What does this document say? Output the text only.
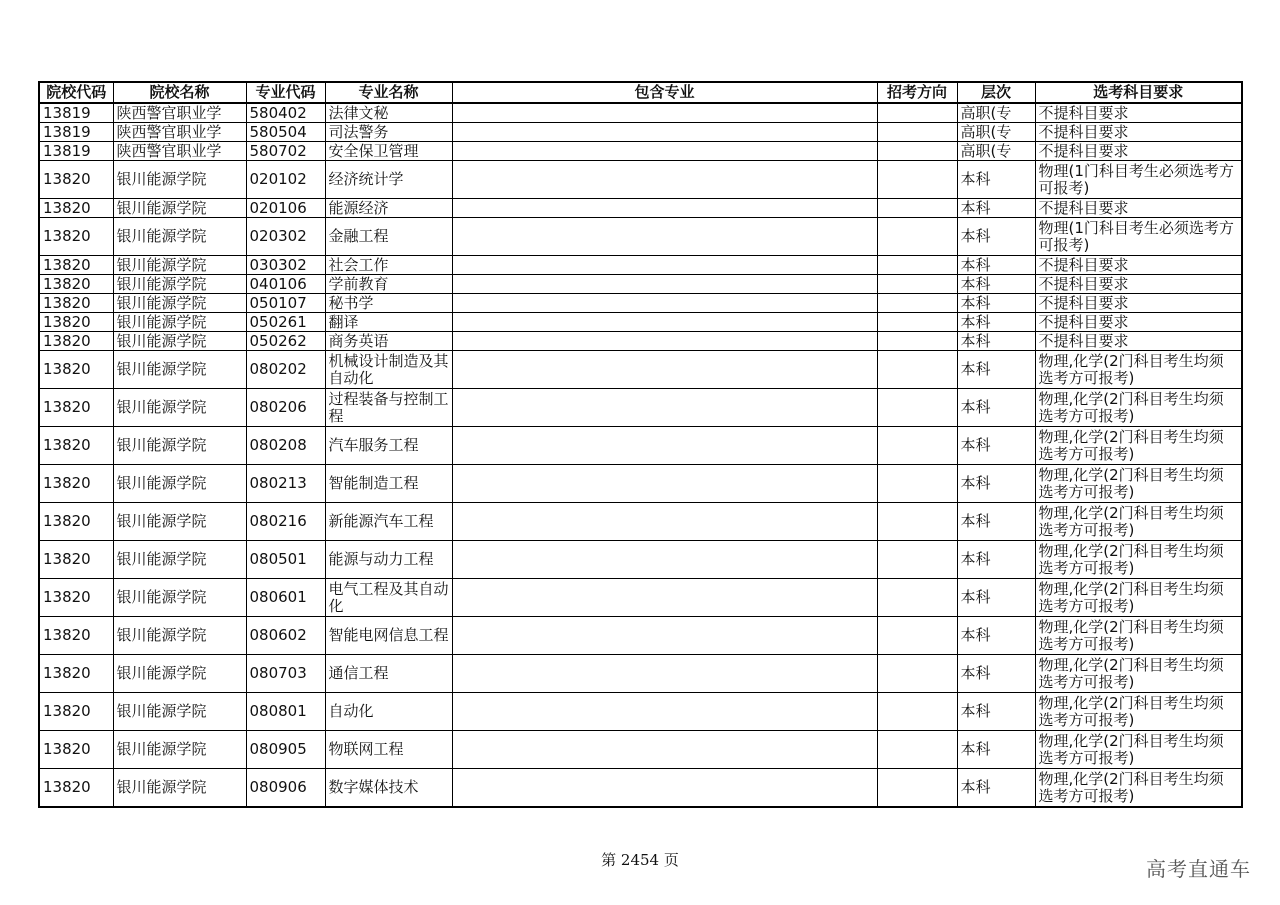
院校代码	院校名称	专业代码	专业名称	包含专业	招考方向	层次	选考科目要求
13819	陕西警官职业学	580402	法律文秘			高职(专	不提科目要求
13819	陕西警官职业学	580504	司法警务			高职(专	不提科目要求
13819	陕西警官职业学	580702	安全保卫管理			高职(专	不提科目要求
13820	银川能源学院	020102	经济统计学			本科	物理(1门科目考生必须选考方可报考)
13820	银川能源学院	020106	能源经济			本科	不提科目要求
13820	银川能源学院	020302	金融工程			本科	物理(1门科目考生必须选考方可报考)
13820	银川能源学院	030302	社会工作			本科	不提科目要求
13820	银川能源学院	040106	学前教育			本科	不提科目要求
13820	银川能源学院	050107	秘书学			本科	不提科目要求
13820	银川能源学院	050261	翻译			本科	不提科目要求
13820	银川能源学院	050262	商务英语			本科	不提科目要求
13820	银川能源学院	080202	机械设计制造及其自动化			本科	物理,化学(2门科目考生均须选考方可报考)
13820	银川能源学院	080206	过程装备与控制工程			本科	物理,化学(2门科目考生均须选考方可报考)
13820	银川能源学院	080208	汽车服务工程			本科	物理,化学(2门科目考生均须选考方可报考)
13820	银川能源学院	080213	智能制造工程			本科	物理,化学(2门科目考生均须选考方可报考)
13820	银川能源学院	080216	新能源汽车工程			本科	物理,化学(2门科目考生均须选考方可报考)
13820	银川能源学院	080501	能源与动力工程			本科	物理,化学(2门科目考生均须选考方可报考)
13820	银川能源学院	080601	电气工程及其自动化			本科	物理,化学(2门科目考生均须选考方可报考)
13820	银川能源学院	080602	智能电网信息工程			本科	物理,化学(2门科目考生均须选考方可报考)
13820	银川能源学院	080703	通信工程			本科	物理,化学(2门科目考生均须选考方可报考)
13820	银川能源学院	080801	自动化			本科	物理,化学(2门科目考生均须选考方可报考)
13820	银川能源学院	080905	物联网工程			本科	物理,化学(2门科目考生均须选考方可报考)
13820	银川能源学院	080906	数字媒体技术			本科	物理,化学(2门科目考生均须选考方可报考)
第 2454 页	高考直通车
